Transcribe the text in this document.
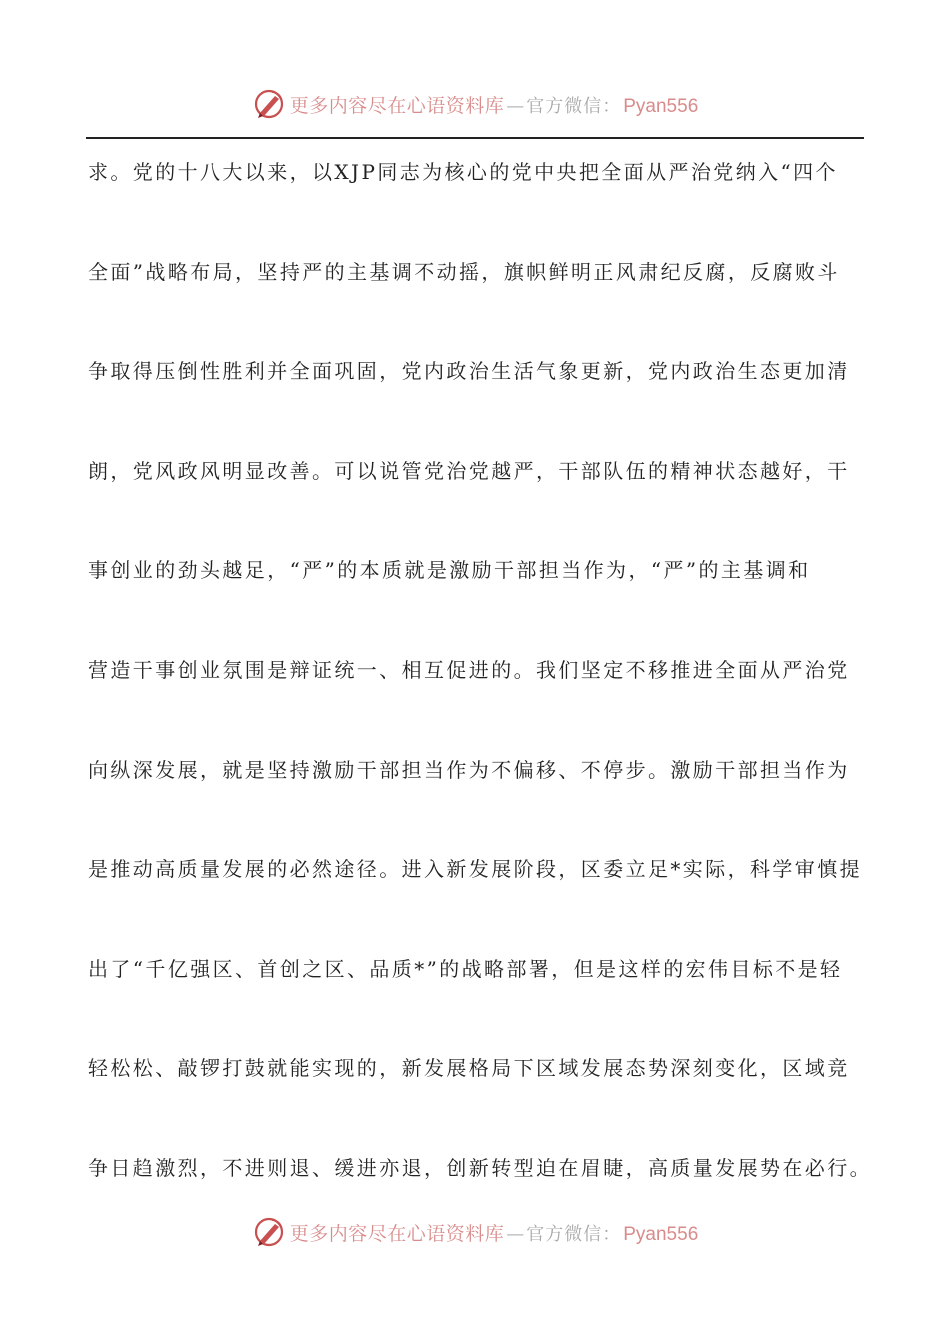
更多内容尽在心语资料库 — 官方微信： Pyan556
求。党的十八大以来，以XJP同志为核心的党中央把全面从严治党纳入“四个
全面”战略布局，坚持严的主基调不动摇，旗帜鲜明正风肃纪反腐，反腐败斗
争取得压倒性胜利并全面巩固，党内政治生活气象更新，党内政治生态更加清
朗，党风政风明显改善。可以说管党治党越严，干部队伍的精神状态越好，干
事创业的劲头越足，“严”的本质就是激励干部担当作为，“严”的主基调和
营造干事创业氛围是辩证统一、相互促进的。我们坚定不移推进全面从严治党
向纵深发展，就是坚持激励干部担当作为不偏移、不停步。激励干部担当作为
是推动高质量发展的必然途径。进入新发展阶段，区委立足*实际，科学审慎提
出了“千亿强区、首创之区、品质*”的战略部署，但是这样的宏伟目标不是轻
轻松松、敲锣打鼓就能实现的，新发展格局下区域发展态势深刻变化，区域竞
争日趋激烈，不进则退、缓进亦退，创新转型迫在眉睫，高质量发展势在必行。
更多内容尽在心语资料库 — 官方微信： Pyan556
